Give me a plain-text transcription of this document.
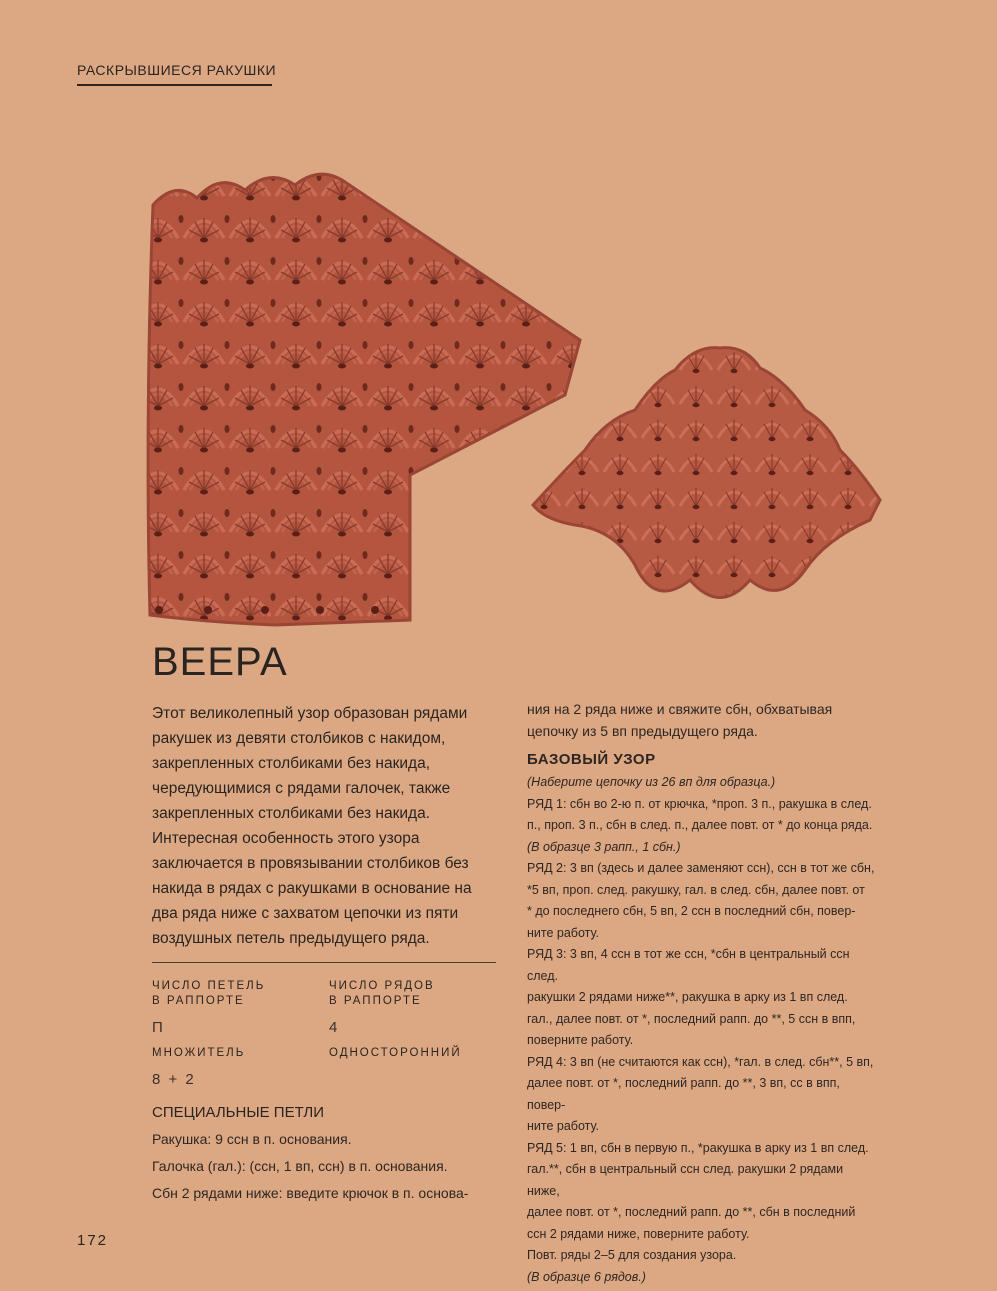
РАСКРЫВШИЕСЯ РАКУШКИ
ВЕЕРА
Этот великолепный узор образован рядами
ракушек из девяти столбиков с накидом,
закрепленных столбиками без накида,
чередующимися с рядами галочек, также
закрепленных столбиками без накида.
Интересная особенность этого узора
заключается в провязывании столбиков без
накида в рядах с ракушками в основание на
два ряда ниже с захватом цепочки из пяти
воздушных петель предыдущего ряда.
ЧИСЛО ПЕТЕЛЬ
В РАППОРТЕ
П
ЧИСЛО РЯДОВ
В РАППОРТЕ
4
МНОЖИТЕЛЬ
8 + 2
ОДНОСТОРОННИЙ
СПЕЦИАЛЬНЫЕ ПЕТЛИ
Ракушка: 9 ссн в п. основания.
Галочка (гал.): (ссн, 1 вп, ссн) в п. основания.
Сбн 2 рядами ниже: введите крючок в п. основа-

ния на 2 ряда ниже и свяжите сбн, обхватывая
цепочку из 5 вп предыдущего ряда.

БАЗОВЫЙ УЗОР

(Наберите цепочку из 26 вп для образца.)

РЯД 1: сбн во 2-ю п. от крючка, *проп. 3 п., ракушка в след.

п., проп. 3 п., сбн в след. п., далее повт. от * до конца ряда.

(В образце 3 рапп., 1 сбн.)

РЯД 2: 3 вп (здесь и далее заменяют ссн), ссн в тот же сбн,

*5 вп, проп. след. ракушку, гал. в след. сбн, далее повт. от

* до последнего сбн, 5 вп, 2 ссн в последний сбн, повер-

ните работу.

РЯД 3: 3 вп, 4 ссн в тот же ссн, *сбн в центральный ссн след.

ракушки 2 рядами ниже**, ракушка в арку из 1 вп след.

гал., далее повт. от *, последний рапп. до **, 5 ссн в впп,

поверните работу.

РЯД 4: 3 вп (не считаются как ссн), *гал. в след. сбн**, 5 вп,

далее повт. от *, последний рапп. до **, 3 вп, сс в впп, повер-

ните работу.

РЯД 5: 1 вп, сбн в первую п., *ракушка в арку из 1 вп след.

гал.**, сбн в центральный ссн след. ракушки 2 рядами ниже,

далее повт. от *, последний рапп. до **, сбн в последний

ссн 2 рядами ниже, поверните работу.

Повт. ряды 2–5 для создания узора.

(В образце 6 рядов.)

172
